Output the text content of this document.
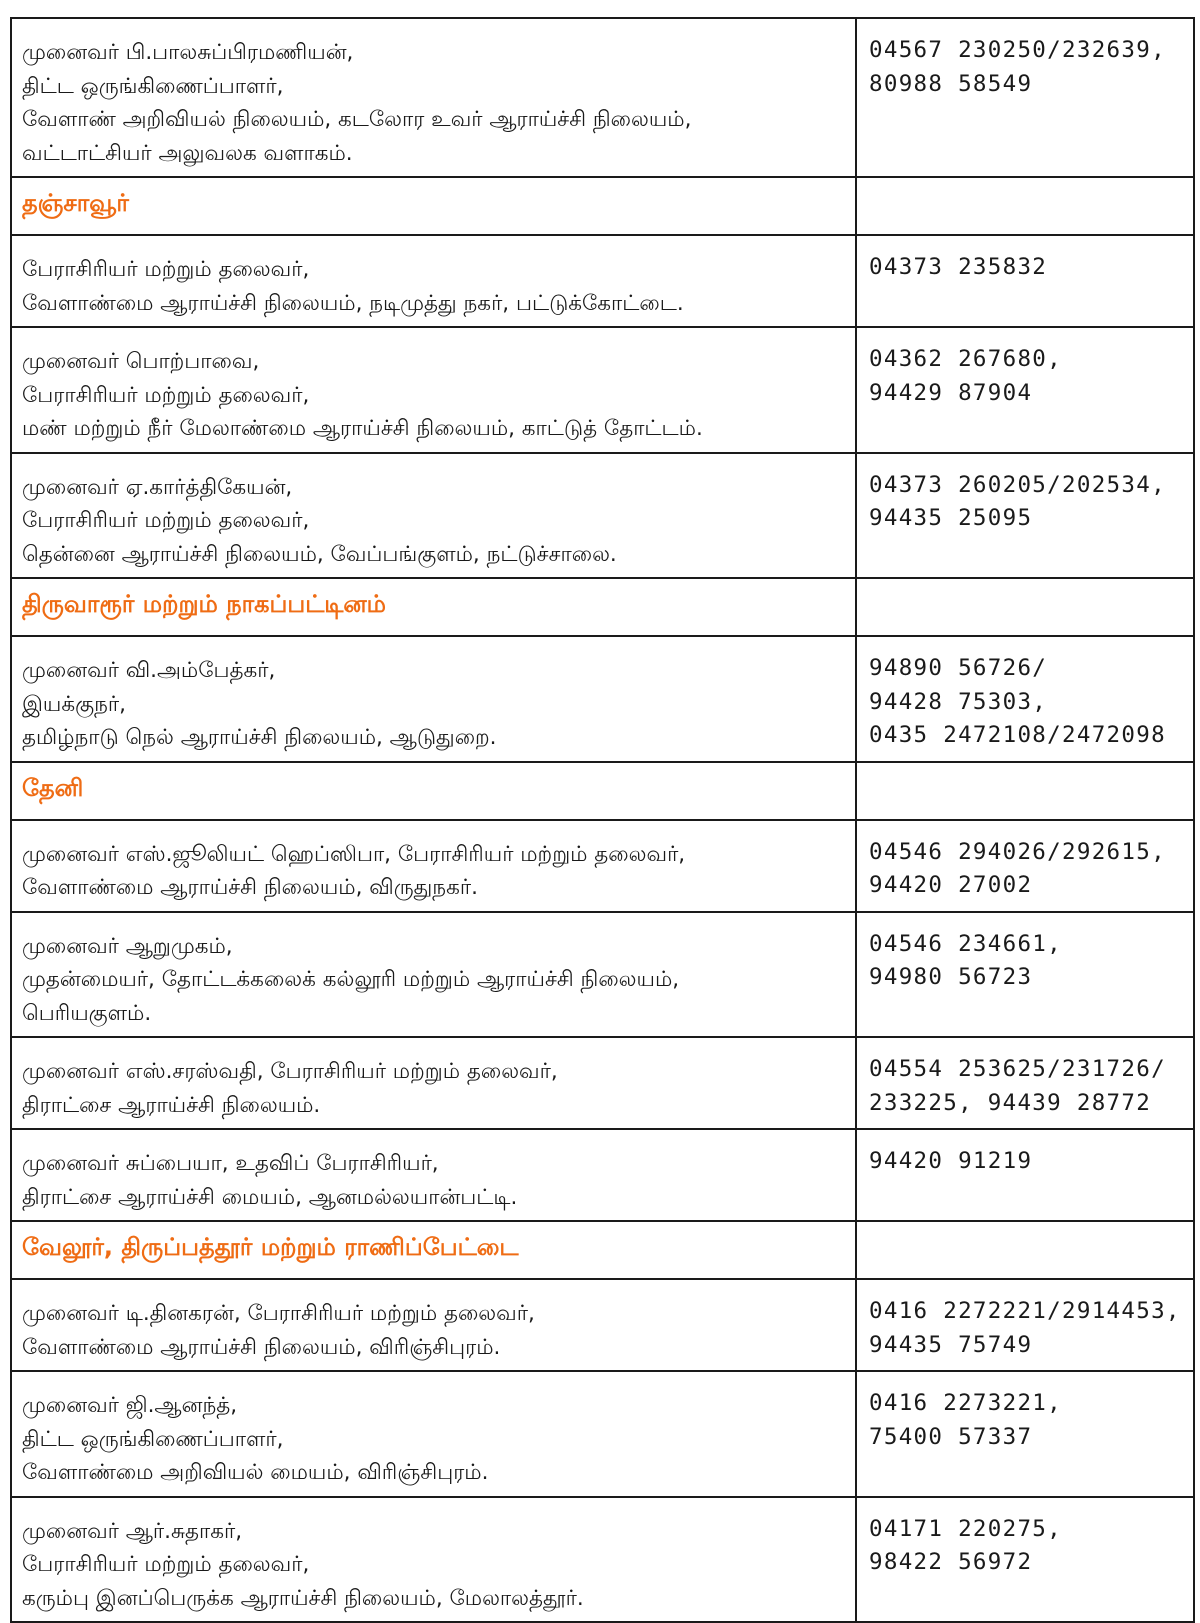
முனைவர் பி.பாலசுப்பிரமணியன்,
திட்ட ஒருங்கிணைப்பாளர்,
வேளாண் அறிவியல் நிலையம், கடலோர உவர் ஆராய்ச்சி நிலையம்,
வட்டாட்சியர் அலுவலக வளாகம்.	04567 230250/232639,
80988 58549

தஞ்சாவூர்	

பேராசிரியர் மற்றும் தலைவர்,
வேளாண்மை ஆராய்ச்சி நிலையம், நடிமுத்து நகர், பட்டுக்கோட்டை.	04373 235832

முனைவர் பொற்பாவை,
பேராசிரியர் மற்றும் தலைவர்,
மண் மற்றும் நீர் மேலாண்மை ஆராய்ச்சி நிலையம், காட்டுத் தோட்டம்.	04362 267680,
94429 87904

முனைவர் ஏ.கார்த்திகேயன்,
பேராசிரியர் மற்றும் தலைவர்,
தென்னை ஆராய்ச்சி நிலையம், வேப்பங்குளம், நட்டுச்சாலை.	04373 260205/202534,
94435 25095

திருவாரூர் மற்றும் நாகப்பட்டினம்	

முனைவர் வி.அம்பேத்கர்,
இயக்குநர்,
தமிழ்நாடு நெல் ஆராய்ச்சி நிலையம், ஆடுதுறை.	94890 56726/
94428 75303,
0435 2472108/2472098

தேனி	

முனைவர் எஸ்.ஜூலியட் ஹெப்ஸிபா, பேராசிரியர் மற்றும் தலைவர்,
வேளாண்மை ஆராய்ச்சி நிலையம், விருதுநகர்.	04546 294026/292615,
94420 27002

முனைவர் ஆறுமுகம்,
முதன்மையர், தோட்டக்கலைக் கல்லூரி மற்றும் ஆராய்ச்சி நிலையம்,
பெரியகுளம்.	04546 234661,
94980 56723

முனைவர் எஸ்.சரஸ்வதி, பேராசிரியர் மற்றும் தலைவர்,
திராட்சை ஆராய்ச்சி நிலையம்.	04554 253625/231726/
233225, 94439 28772

முனைவர் சுப்பையா, உதவிப் பேராசிரியர்,
திராட்சை ஆராய்ச்சி மையம், ஆனமல்லயான்பட்டி.	94420 91219

வேலூர், திருப்பத்தூர் மற்றும் ராணிப்பேட்டை	

முனைவர் டி.தினகரன், பேராசிரியர் மற்றும் தலைவர்,
வேளாண்மை ஆராய்ச்சி நிலையம், விரிஞ்சிபுரம்.	0416 2272221/2914453,
94435 75749

முனைவர் ஜி.ஆனந்த்,
திட்ட ஒருங்கிணைப்பாளர்,
வேளாண்மை அறிவியல் மையம், விரிஞ்சிபுரம்.	0416 2273221,
75400 57337

முனைவர் ஆர்.சுதாகர்,
பேராசிரியர் மற்றும் தலைவர்,
கரும்பு இனப்பெருக்க ஆராய்ச்சி நிலையம், மேலாலத்தூர்.	04171 220275,
98422 56972
